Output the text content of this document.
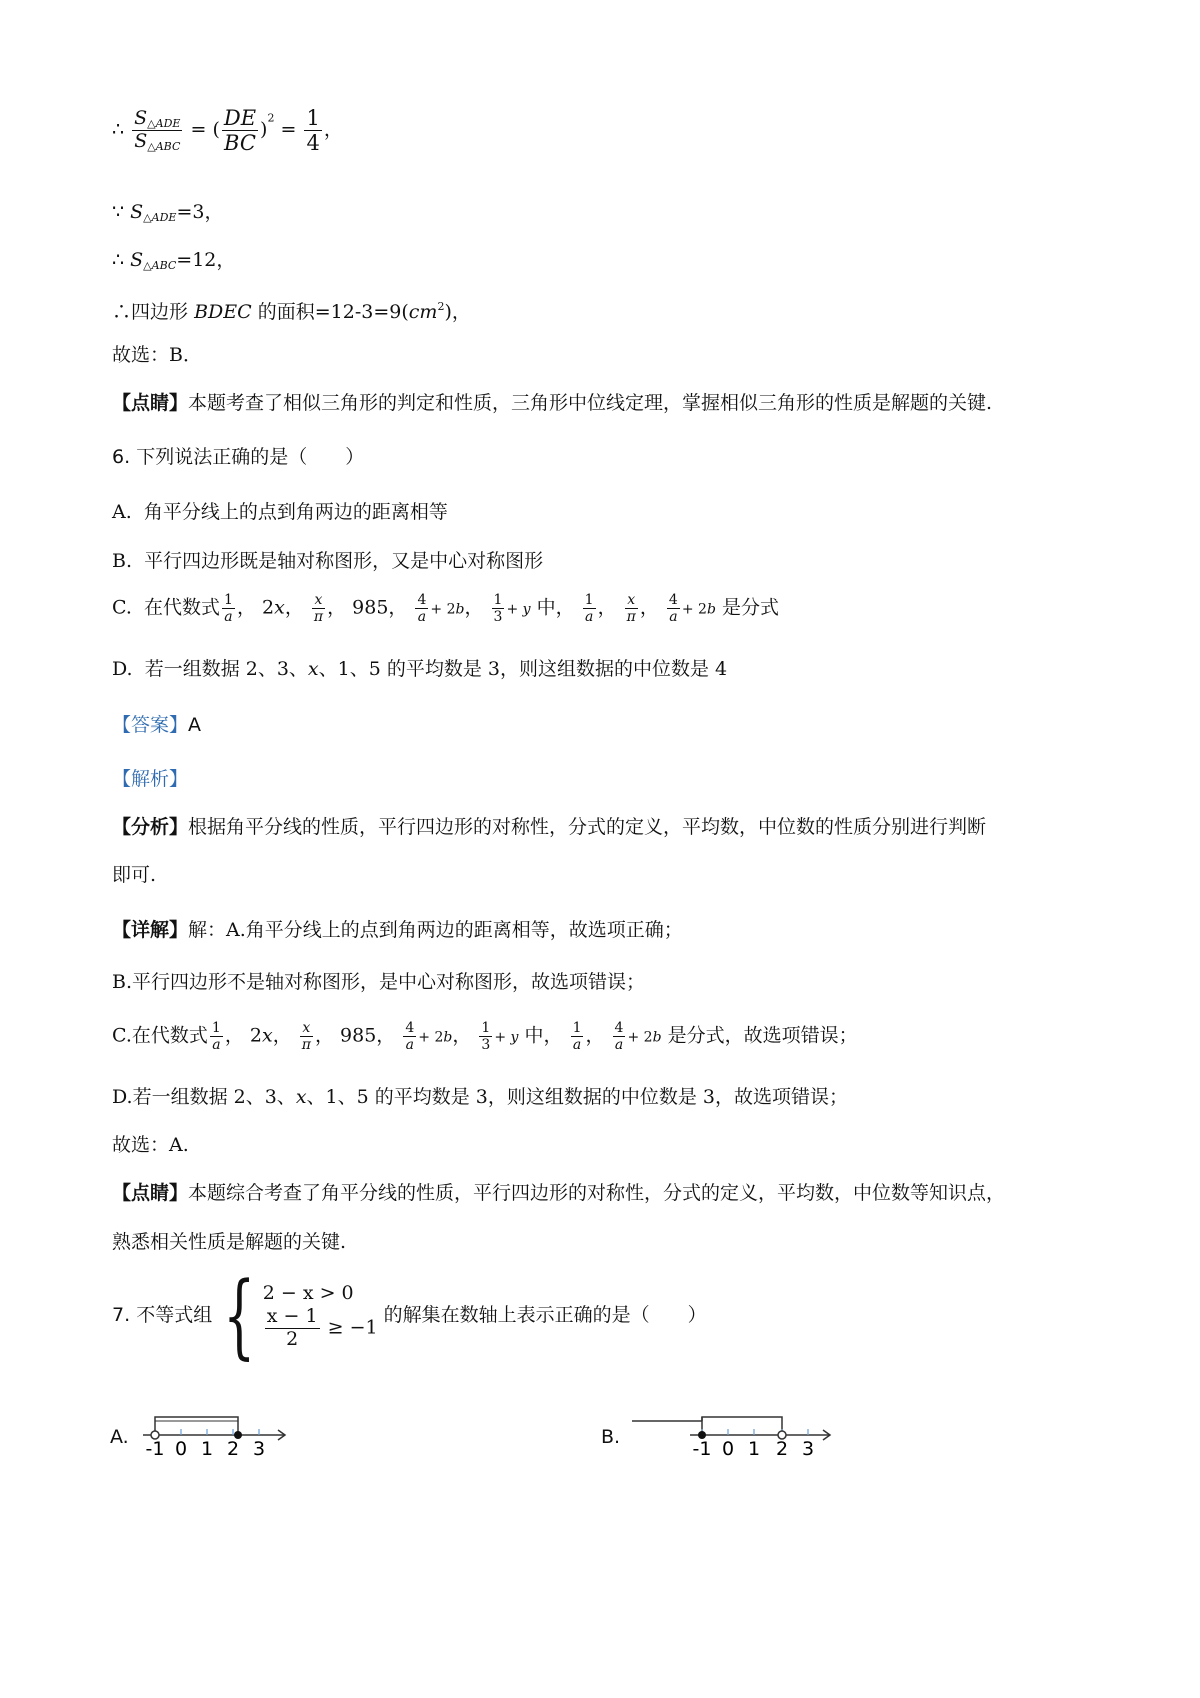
∴ $\frac{S_{\triangle ADE}}{S_{\triangle ABC}}$ = ( $\frac{DE}{BC} )^2 = \frac{1}{4}$ ，
∵ $S_{\triangle ADE}=3$，
∴ $S_{\triangle ABC}=12$，
∴四边形 BDEC 的面积$=12-3=9(cm^2)$，
故选：B．
【点睛】本题考查了相似三角形的判定和性质，三角形中位线定理，掌握相似三角形的性质是解题的关键.
6. 下列说法正确的是（　　）
A. 角平分线上的点到角两边的距离相等
B. 平行四边形既是轴对称图形，又是中心对称图形
C. 在代数式 $\frac{1}{a}$ ， 2x， $\frac{x}{\pi}$ ， 985， $\frac{4}{a} + 2b$， $\frac{1}{3} + y$ 中， $\frac{1}{a}$ ， $\frac{x}{\pi}$ ， $\frac{4}{a} + 2b$ 是分式
D. 若一组数据 2、3、x、1、5 的平均数是 3，则这组数据的中位数是 4
【答案】A
【解析】
【分析】根据角平分线的性质，平行四边形的对称性，分式的定义，平均数，中位数的性质分别进行判断
即可.
【详解】解：A.角平分线上的点到角两边的距离相等，故选项正确；
B.平行四边形不是轴对称图形，是中心对称图形，故选项错误；
C.在代数式 $\frac{1}{a}$ ， 2x， $\frac{x}{\pi}$ ， 985， $\frac{4}{a} + 2b$， $\frac{1}{3} + y$ 中， $\frac{1}{a}$ ， $\frac{4}{a} + 2b$ 是分式，故选项错误；
D.若一组数据 2、3、x、1、5 的平均数是 3，则这组数据的中位数是 3，故选项错误；
故选：A.
【点睛】本题综合考查了角平分线的性质，平行四边形的对称性，分式的定义，平均数，中位数等知识点，
熟悉相关性质是解题的关键.
7. 不等式组 { 2 − x > 0
$\frac{x - 1}{2} \ge -1$
的解集在数轴上表示正确的是（　　）
A.
-1 0 1 2 3
B.
-1 0 1 2 3
